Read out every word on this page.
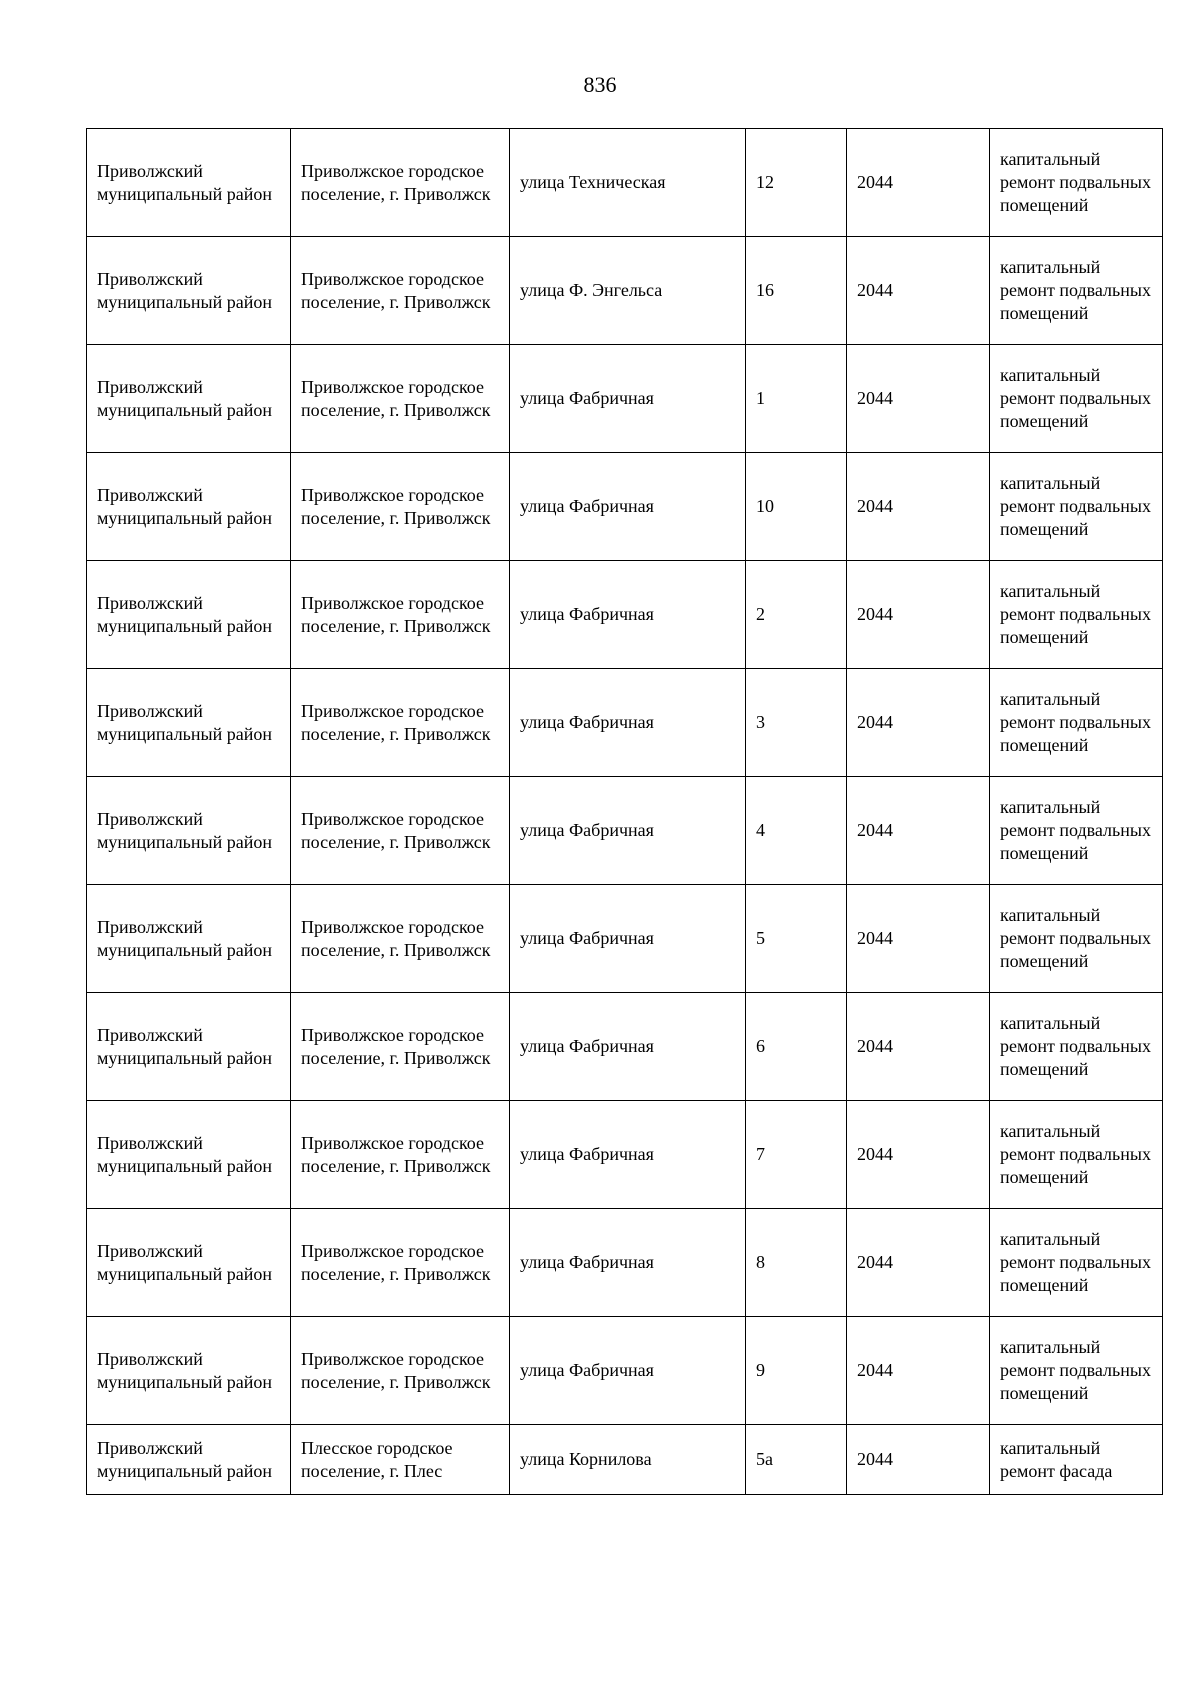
836
Приволжский муниципальный район	Приволжское городское поселение, г. Приволжск	улица Техническая	12	2044	капитальный ремонт подвальных помещений

Приволжский муниципальный район	Приволжское городское поселение, г. Приволжск	улица Ф. Энгельса	16	2044	капитальный ремонт подвальных помещений

Приволжский муниципальный район	Приволжское городское поселение, г. Приволжск	улица Фабричная	1	2044	капитальный ремонт подвальных помещений

Приволжский муниципальный район	Приволжское городское поселение, г. Приволжск	улица Фабричная	10	2044	капитальный ремонт подвальных помещений

Приволжский муниципальный район	Приволжское городское поселение, г. Приволжск	улица Фабричная	2	2044	капитальный ремонт подвальных помещений

Приволжский муниципальный район	Приволжское городское поселение, г. Приволжск	улица Фабричная	3	2044	капитальный ремонт подвальных помещений

Приволжский муниципальный район	Приволжское городское поселение, г. Приволжск	улица Фабричная	4	2044	капитальный ремонт подвальных помещений

Приволжский муниципальный район	Приволжское городское поселение, г. Приволжск	улица Фабричная	5	2044	капитальный ремонт подвальных помещений

Приволжский муниципальный район	Приволжское городское поселение, г. Приволжск	улица Фабричная	6	2044	капитальный ремонт подвальных помещений

Приволжский муниципальный район	Приволжское городское поселение, г. Приволжск	улица Фабричная	7	2044	капитальный ремонт подвальных помещений

Приволжский муниципальный район	Приволжское городское поселение, г. Приволжск	улица Фабричная	8	2044	капитальный ремонт подвальных помещений

Приволжский муниципальный район	Приволжское городское поселение, г. Приволжск	улица Фабричная	9	2044	капитальный ремонт подвальных помещений

Приволжский муниципальный район	Плесское городское поселение, г. Плес	улица Корнилова	5а	2044	капитальный ремонт фасада
